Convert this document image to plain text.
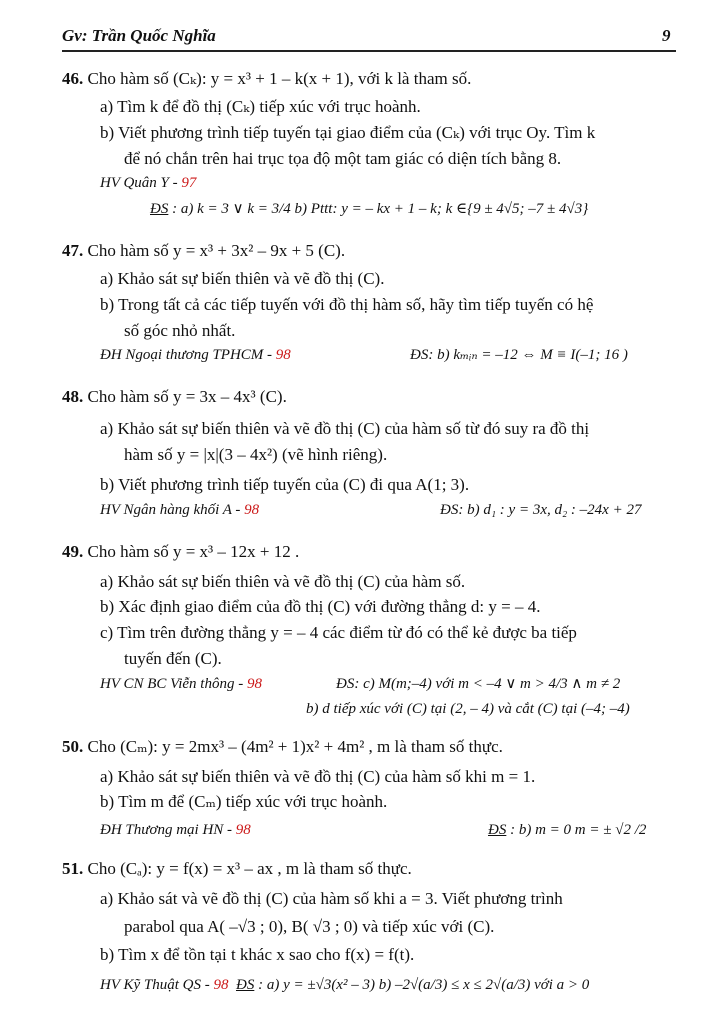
Gv: Trần Quốc Nghĩa	9
46. Cho hàm số (Cₖ): y = x³ + 1 – k(x + 1), với k là tham số.
a) Tìm k để đồ thị (Cₖ) tiếp xúc với trục hoành.
b) Viết phương trình tiếp tuyến tại giao điểm của (Cₖ) với trục Oy. Tìm k
để nó chắn trên hai trục tọa độ một tam giác có diện tích bằng 8.
HV Quân Y - 97
ĐS : a) k = 3 ∨ k = 3/4 b) Pttt: y = – kx + 1 – k; k ∈{9 ± 4√5; –7 ± 4√3}
47. Cho hàm số y = x³ + 3x² – 9x + 5 (C).
a) Khảo sát sự biến thiên và vẽ đồ thị (C).
b) Trong tất cả các tiếp tuyến với đồ thị hàm số, hãy tìm tiếp tuyến có hệ
số góc nhỏ nhất.
ĐH Ngoại thương TPHCM - 98	ĐS: b) kₘᵢₙ = –12 ⇔ M ≡ I(–1; 16 )
48. Cho hàm số y = 3x – 4x³ (C).
a) Khảo sát sự biến thiên và vẽ đồ thị (C) của hàm số từ đó suy ra đồ thị
hàm số y = |x|(3 – 4x²) (vẽ hình riêng).
b) Viết phương trình tiếp tuyến của (C) đi qua A(1; 3).
HV Ngân hàng khối A - 98	ĐS: b) d₁ : y = 3x, d₂ : –24x + 27
49. Cho hàm số y = x³ – 12x + 12 .
a) Khảo sát sự biến thiên và vẽ đồ thị (C) của hàm số.
b) Xác định giao điểm của đồ thị (C) với đường thẳng d: y = – 4.
c) Tìm trên đường thẳng y = – 4 các điểm từ đó có thể kẻ được ba tiếp
tuyến đến (C).
HV CN BC Viễn thông - 98	ĐS: c) M(m;–4) với m < –4 ∨ m > 4/3 ∧ m ≠ 2
b) d tiếp xúc với (C) tại (2, – 4) và cắt (C) tại (–4; –4)
50. Cho (Cₘ): y = 2mx³ – (4m² + 1)x² + 4m² , m là tham số thực.
a) Khảo sát sự biến thiên và vẽ đồ thị (C) của hàm số khi m = 1.
b) Tìm m để (Cₘ) tiếp xúc với trục hoành.
ĐH Thương mại HN - 98	ĐS : b) m = 0 m = ± √2 /2
51. Cho (Cₐ): y = f(x) = x³ – ax , m là tham số thực.
a) Khảo sát và vẽ đồ thị (C) của hàm số khi a = 3. Viết phương trình
parabol qua A( –√3 ; 0), B( √3 ; 0) và tiếp xúc với (C).
b) Tìm x để tồn tại t khác x sao cho f(x) = f(t).
HV Kỹ Thuật QS - 98 ĐS : a) y = ±√3(x² – 3) b) –2√(a/3) ≤ x ≤ 2√(a/3) với a > 0
